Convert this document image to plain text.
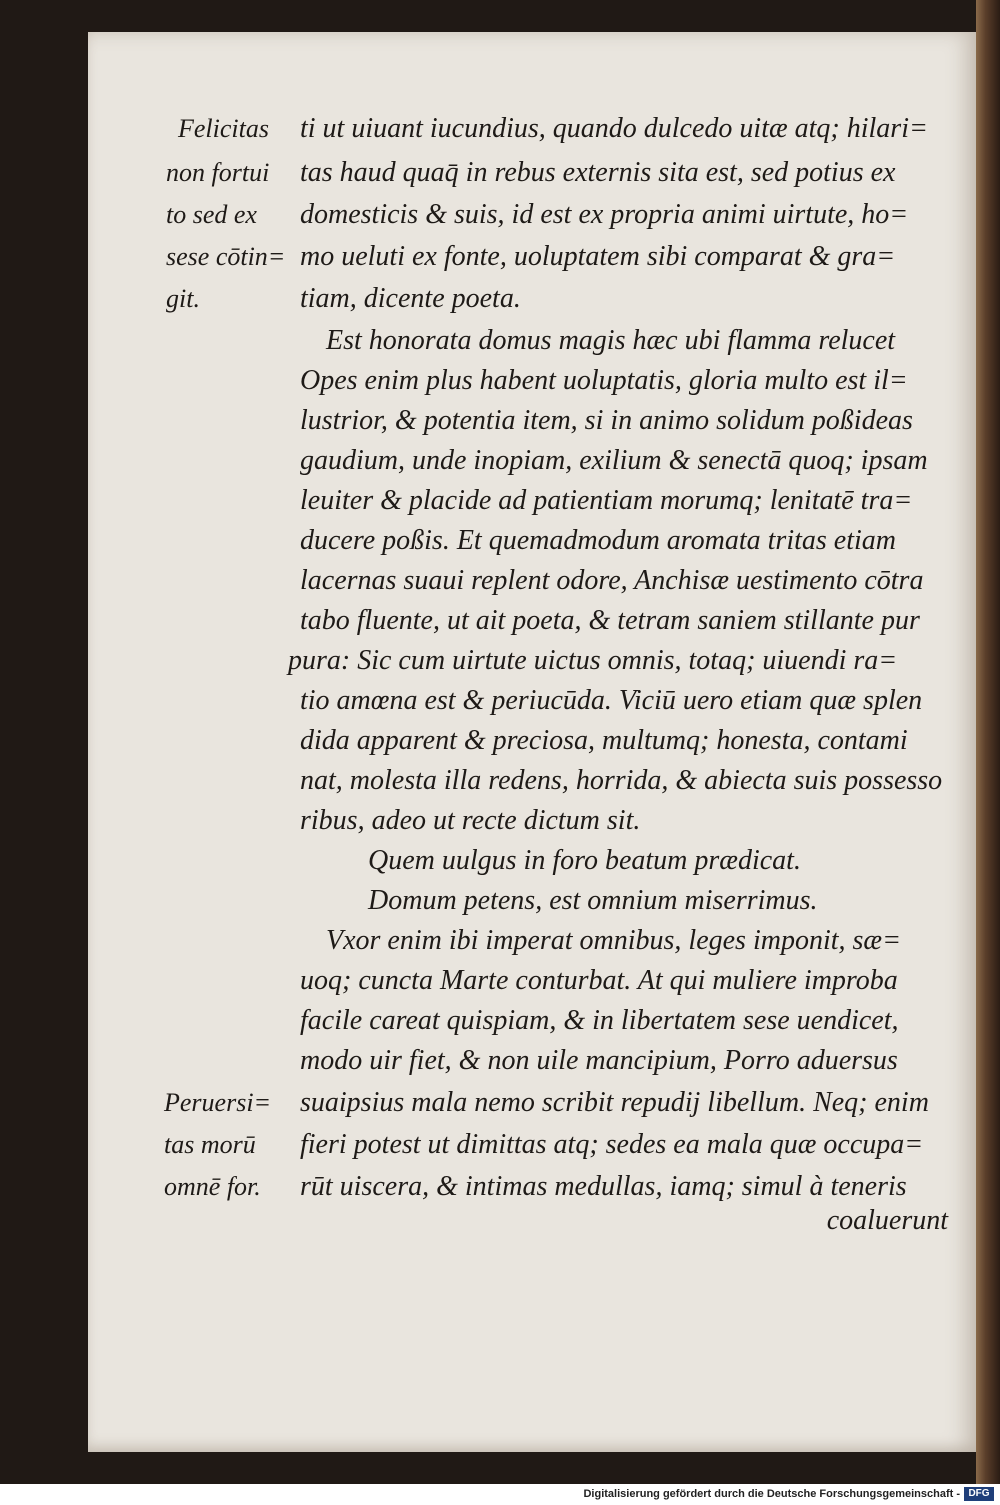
Felicitas
non fortui
to sed ex
sese cōtin=
git.
Peruersi=
tas morū
omnē for.
ti ut uiuant iucundius, quando dulcedo uitæ atq; hilari=
tas haud quaq̄ in rebus externis sita est, sed potius ex
domesticis & suis, id est ex propria animi uirtute, ho=
mo ueluti ex fonte, uoluptatem sibi comparat & gra=
tiam, dicente poeta.
Est honorata domus magis hæc ubi flamma relucet
Opes enim plus habent uoluptatis, gloria multo est il=
lustrior, & potentia item, si in animo solidum poßideas
gaudium, unde inopiam, exilium & senectā quoq; ipsam
leuiter & placide ad patientiam morumq; lenitatē tra=
ducere poßis. Et quemadmodum aromata tritas etiam
lacernas suaui replent odore, Anchisæ uestimento cōtra
tabo fluente, ut ait poeta, & tetram saniem stillante pur
pura: Sic cum uirtute uictus omnis, totaq; uiuendi ra=
tio amœna est & periucūda. Viciū uero etiam quæ splen
dida apparent & preciosa, multumq; honesta, contami
nat, molesta illa redens, horrida, & abiecta suis possesso
ribus, adeo ut recte dictum sit.
Quem uulgus in foro beatum prædicat.
Domum petens, est omnium miserrimus.
Vxor enim ibi imperat omnibus, leges imponit, sæ=
uoq; cuncta Marte conturbat. At qui muliere improba
facile careat quispiam, & in libertatem sese uendicet,
modo uir fiet, & non uile mancipium, Porro aduersus
suaipsius mala nemo scribit repudij libellum. Neq; enim
fieri potest ut dimittas atq; sedes ea mala quæ occupa=
rūt uiscera, & intimas medullas, iamq; simul à teneris
coaluerunt
Digitalisierung gefördert durch die Deutsche Forschungsgemeinschaft - DFG
